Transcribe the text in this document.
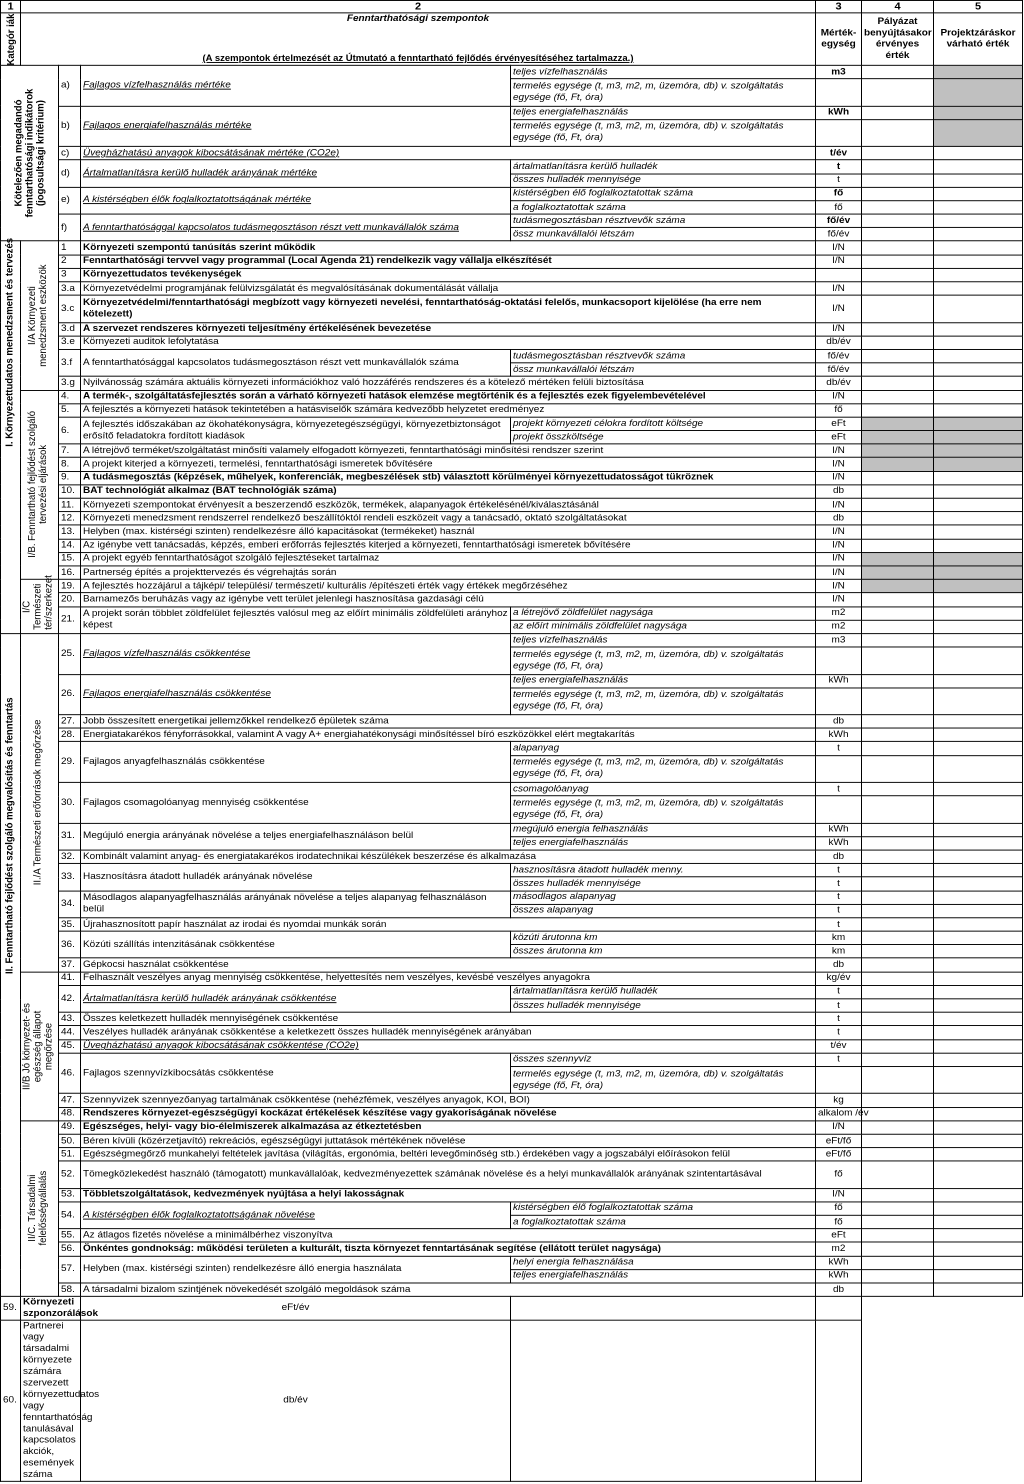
1	2				3	4	5

Kategór iák	Fenntarthatósági szempontok
(A szempontok értelmezését az Útmutató a fenntartható fejlődés érvényesítéséhez tartalmazza.)				Mérték-egység	Pályázat benyújtásakor érvényes érték	Projektzáráskor várható érték

Kötelezően megadandó fenntarthatósági indikátorok (jogosultsági kritérium)		a)	Fajlagos vízfelhasználás mértéke	teljes vízfelhasználás	m3		
				termelés egysége (t, m3, m2, m, üzemóra, db) v. szolgáltatás egysége (fő, Ft, óra)			
		b)	Fajlagos energiafelhasználás mértéke	teljes energiafelhasználás	kWh		
				termelés egysége (t, m3, m2, m, üzemóra, db) v. szolgáltatás egysége (fő, Ft, óra)			
		c)	Üvegházhatású anyagok kibocsátásának mértéke (CO2e)		t/év		
		d)	Ártalmatlanításra kerülő hulladék arányának mértéke	ártalmatlanításra kerülő hulladék	t		
				összes hulladék mennyisége	t		
		e)	A kistérségben élők foglalkoztatottságának mértéke	kistérségben élő foglalkoztatottak száma	fő		
				a foglalkoztatottak száma	fő		
		f)	A fenntarthatósággal kapcsolatos tudásmegosztáson részt vett munkavállalók száma	tudásmegosztásban résztvevők száma	fő/év		
				össz munkavállalói létszám	fő/év		

I. Környezettudatos menedzsment és tervezés	I/A Környezeti menedzsment eszközök	1	Környezeti szempontú tanúsítás szerint működik		I/N		
		2	Fenntarthatósági tervvel vagy programmal (Local Agenda 21) rendelkezik vagy vállalja elkészítését		I/N		
		3	Környezettudatos tevékenységek				
		3.a	Környezetvédelmi programjának felülvizsgálatát és megvalósításának dokumentálását vállalja		I/N		
		3.c	Környezetvédelmi/fenntarthatósági megbízott vagy környezeti nevelési, fenntarthatóság-oktatási felelős, munkacsoport kijelölése (ha erre nem kötelezett)		I/N		
		3.d	A szervezet rendszeres környezeti teljesítmény értékelésének bevezetése		I/N		
		3.e	Környezeti auditok lefolytatása		db/év		
		3.f	A fenntarthatósággal kapcsolatos tudásmegosztáson részt vett munkavállalók száma	tudásmegosztásban résztvevők száma	fő/év		
				össz munkavállalói létszám	fő/év		
		3.g	Nyilvánosság számára aktuális környezeti információkhoz való hozzáférés rendszeres és a kötelező mértéken felüli biztosítása		db/év		

	I/B. Fenntartható fejlődést szolgáló tervezési eljárások	4.	A termék-, szolgáltatásfejlesztés során a várható környezeti hatások elemzése megtörténik és a fejlesztés ezek figyelembevételével		I/N		
		5.	A fejlesztés a környezeti hatások tekintetében a hatásviselők számára kedvezőbb helyzetet eredményez		fő		
		6.	A fejlesztés időszakában az ökohatékonyságra, környezetegészségügyi, környezetbiztonságot erősítő feladatokra fordított kiadások	projekt környezeti célokra fordított költsége	eFt		
				projekt összköltsége	eFt		
		7.	A létrejövő terméket/szolgáltatást minősíti valamely elfogadott környezeti, fenntarthatósági minősítési rendszer szerint		I/N		
		8.	A projekt kiterjed a környezeti, termelési, fenntarthatósági ismeretek bővítésére		I/N		
		9.	A tudásmegosztás (képzések, műhelyek, konferenciák, megbeszélések stb) választott körülményei környezettudatosságot tükröznek		I/N		
		10.	BAT technológiát alkalmaz (BAT technológiák száma)		db		
		11.	Környezeti szempontokat érvényesít a beszerzendő eszközök, termékek, alapanyagok értékelésénél/kiválasztásánál		I/N		
		12.	Környezeti menedzsment rendszerrel rendelkező beszállítóktól rendeli eszközeit vagy a tanácsadó, oktató szolgáltatásokat		db		
		13.	Helyben (max. kistérségi szinten) rendelkezésre álló kapacitásokat (termékeket) használ		I/N		
		14.	Az igénybe vett tanácsadás, képzés, emberi erőforrás fejlesztés kiterjed a környezeti, fenntarthatósági ismeretek bővítésére		I/N		
		15.	A projekt egyéb fenntarthatóságot szolgáló fejlesztéseket tartalmaz		I/N		
		16.	Partnerség építés a projekttervezés és végrehajtás során		I/N		

	I/C Természeti tér/szerkezet	19.	A fejlesztés hozzájárul a tájképi/ települési/ természeti/ kulturális /építészeti érték vagy értékek megőrzéséhez		I/N		
		20.	Barnamezős beruházás vagy az igénybe vett terület jelenlegi hasznosítása gazdasági célú		I/N		
		21.	A projekt során többlet zöldfelület fejlesztés valósul meg az előírt minimális zöldfelületi arányhoz képest	a létrejövő zöldfelület nagysága	m2		
				az előírt minimális zöldfelület nagysága	m2		

II. Fenntartható fejlődést szolgáló megvalósítás és fenntartás	II./A Természeti erőforrások megőrzése	25.	Fajlagos vízfelhasználás csökkentése	teljes vízfelhasználás	m3		
				termelés egysége (t, m3, m2, m, üzemóra, db) v. szolgáltatás egysége (fő, Ft, óra)			
		26.	Fajlagos energiafelhasználás csökkentése	teljes energiafelhasználás	kWh		
				termelés egysége (t, m3, m2, m, üzemóra, db) v. szolgáltatás egysége (fő, Ft, óra)			
		27.	Jobb összesített energetikai jellemzőkkel rendelkező épületek száma		db		
		28.	Energiatakarékos fényforrásokkal, valamint A vagy A+ energiahatékonysági minősítéssel bíró eszközökkel elért megtakarítás		kWh		
		29.	Fajlagos anyagfelhasználás csökkentése	alapanyag	t		
				termelés egysége (t, m3, m2, m, üzemóra, db) v. szolgáltatás egysége (fő, Ft, óra)			
		30.	Fajlagos csomagolóanyag mennyiség csökkentése	csomagolóanyag	t		
				termelés egysége (t, m3, m2, m, üzemóra, db) v. szolgáltatás egysége (fő, Ft, óra)			
		31.	Megújuló energia arányának növelése a teljes energiafelhasználáson belül	megújuló energia felhasználás	kWh		
				teljes energiafelhasználás	kWh		
		32.	Kombinált valamint anyag- és energiatakarékos irodatechnikai készülékek beszerzése és alkalmazása		db		
		33.	Hasznosításra átadott hulladék arányának növelése	hasznosításra átadott hulladék menny.	t		
				összes hulladék mennyisége	t		
		34.	Másodlagos alapanyagfelhasználás arányának növelése a teljes alapanyag felhasználáson belül	másodlagos alapanyag	t		
				összes alapanyag	t		
		35.	Újrahasznosított papír használat az irodai és nyomdai munkák során		t		
		36.	Közúti szállítás intenzitásának csökkentése	közúti árutonna km	km		
				összes árutonna km	km		
		37.	Gépkocsi használat csökkentése		db		

	II/B Jó környezet- és egészség állapot megőrzése	41.	Felhasznált veszélyes anyag mennyiség csökkentése, helyettesítés nem veszélyes, kevésbé veszélyes anyagokra		kg/év		
		42.	Ártalmatlanításra kerülő hulladék arányának csökkentése	ártalmatlanításra kerülő hulladék	t		
				összes hulladék mennyisége	t		
		43.	Összes keletkezett hulladék mennyiségének csökkentése		t		
		44.	Veszélyes hulladék arányának csökkentése a keletkezett összes hulladék mennyiségének arányában		t		
		45.	Üvegházhatású anyagok kibocsátásának csökkentése (CO2e)		t/év		
		46.	Fajlagos szennyvízkibocsátás csökkentése	összes szennyvíz	t		
				termelés egysége (t, m3, m2, m, üzemóra, db) v. szolgáltatás egysége (fő, Ft, óra)			
		47.	Szennyvizek szennyezőanyag tartalmának csökkentése (nehézfémek, veszélyes anyagok, KOI, BOI)		kg		
		48.	Rendszeres környezet-egészségügyi kockázat értékelések készítése vagy gyakoriságának növelése		alkalom /év		

	II/C. Társadalmi felelősségvállalás	49.	Egészséges, helyi- vagy bio-élelmiszerek alkalmazása az étkeztetésben		I/N		
		50.	Béren kívüli (közérzetjavító) rekreációs, egészségügyi juttatások mértékének növelése		eFt/fő		
		51.	Egészségmegőrző munkahelyi feltételek javítása (világítás, ergonómia, beltéri levegőminőség stb.) érdekében vagy a jogszabályi előírásokon felül		eFt/fő		
		52.	Tömegközlekedést használó (támogatott) munkavállalóak, kedvezményezettek számának növelése és a helyi munkavállalók arányának szintentartásával		fő		
		53.	Többletszolgáltatások, kedvezmények nyújtása a helyi lakosságnak		I/N		
		54.	A kistérségben élők foglalkoztatottságának növelése	kistérségben élő foglalkoztatottak száma	fő		
				a foglalkoztatottak száma	fő		
		55.	Az átlagos fizetés növelése a minimálbérhez viszonyítva		eFt		
		56.	Önkéntes gondnokság: működési területen a kulturált, tiszta környezet fenntartásának segítése (ellátott terület nagysága)		m2		
		57.	Helyben (max. kistérségi szinten) rendelkezésre álló energia használata	helyi energia felhasználása	kWh		
				teljes energiafelhasználás	kWh		
		58.	A társadalmi bizalom szintjének növekedését szolgáló megoldások száma		db		
59.	Környezeti szponzorálások		eFt/év				
60.	Partnerei vagy társadalmi környezete számára szervezett környezettudatos vagy fenntarthatóság tanulásával kapcsolatos akciók, események száma		db/év				
